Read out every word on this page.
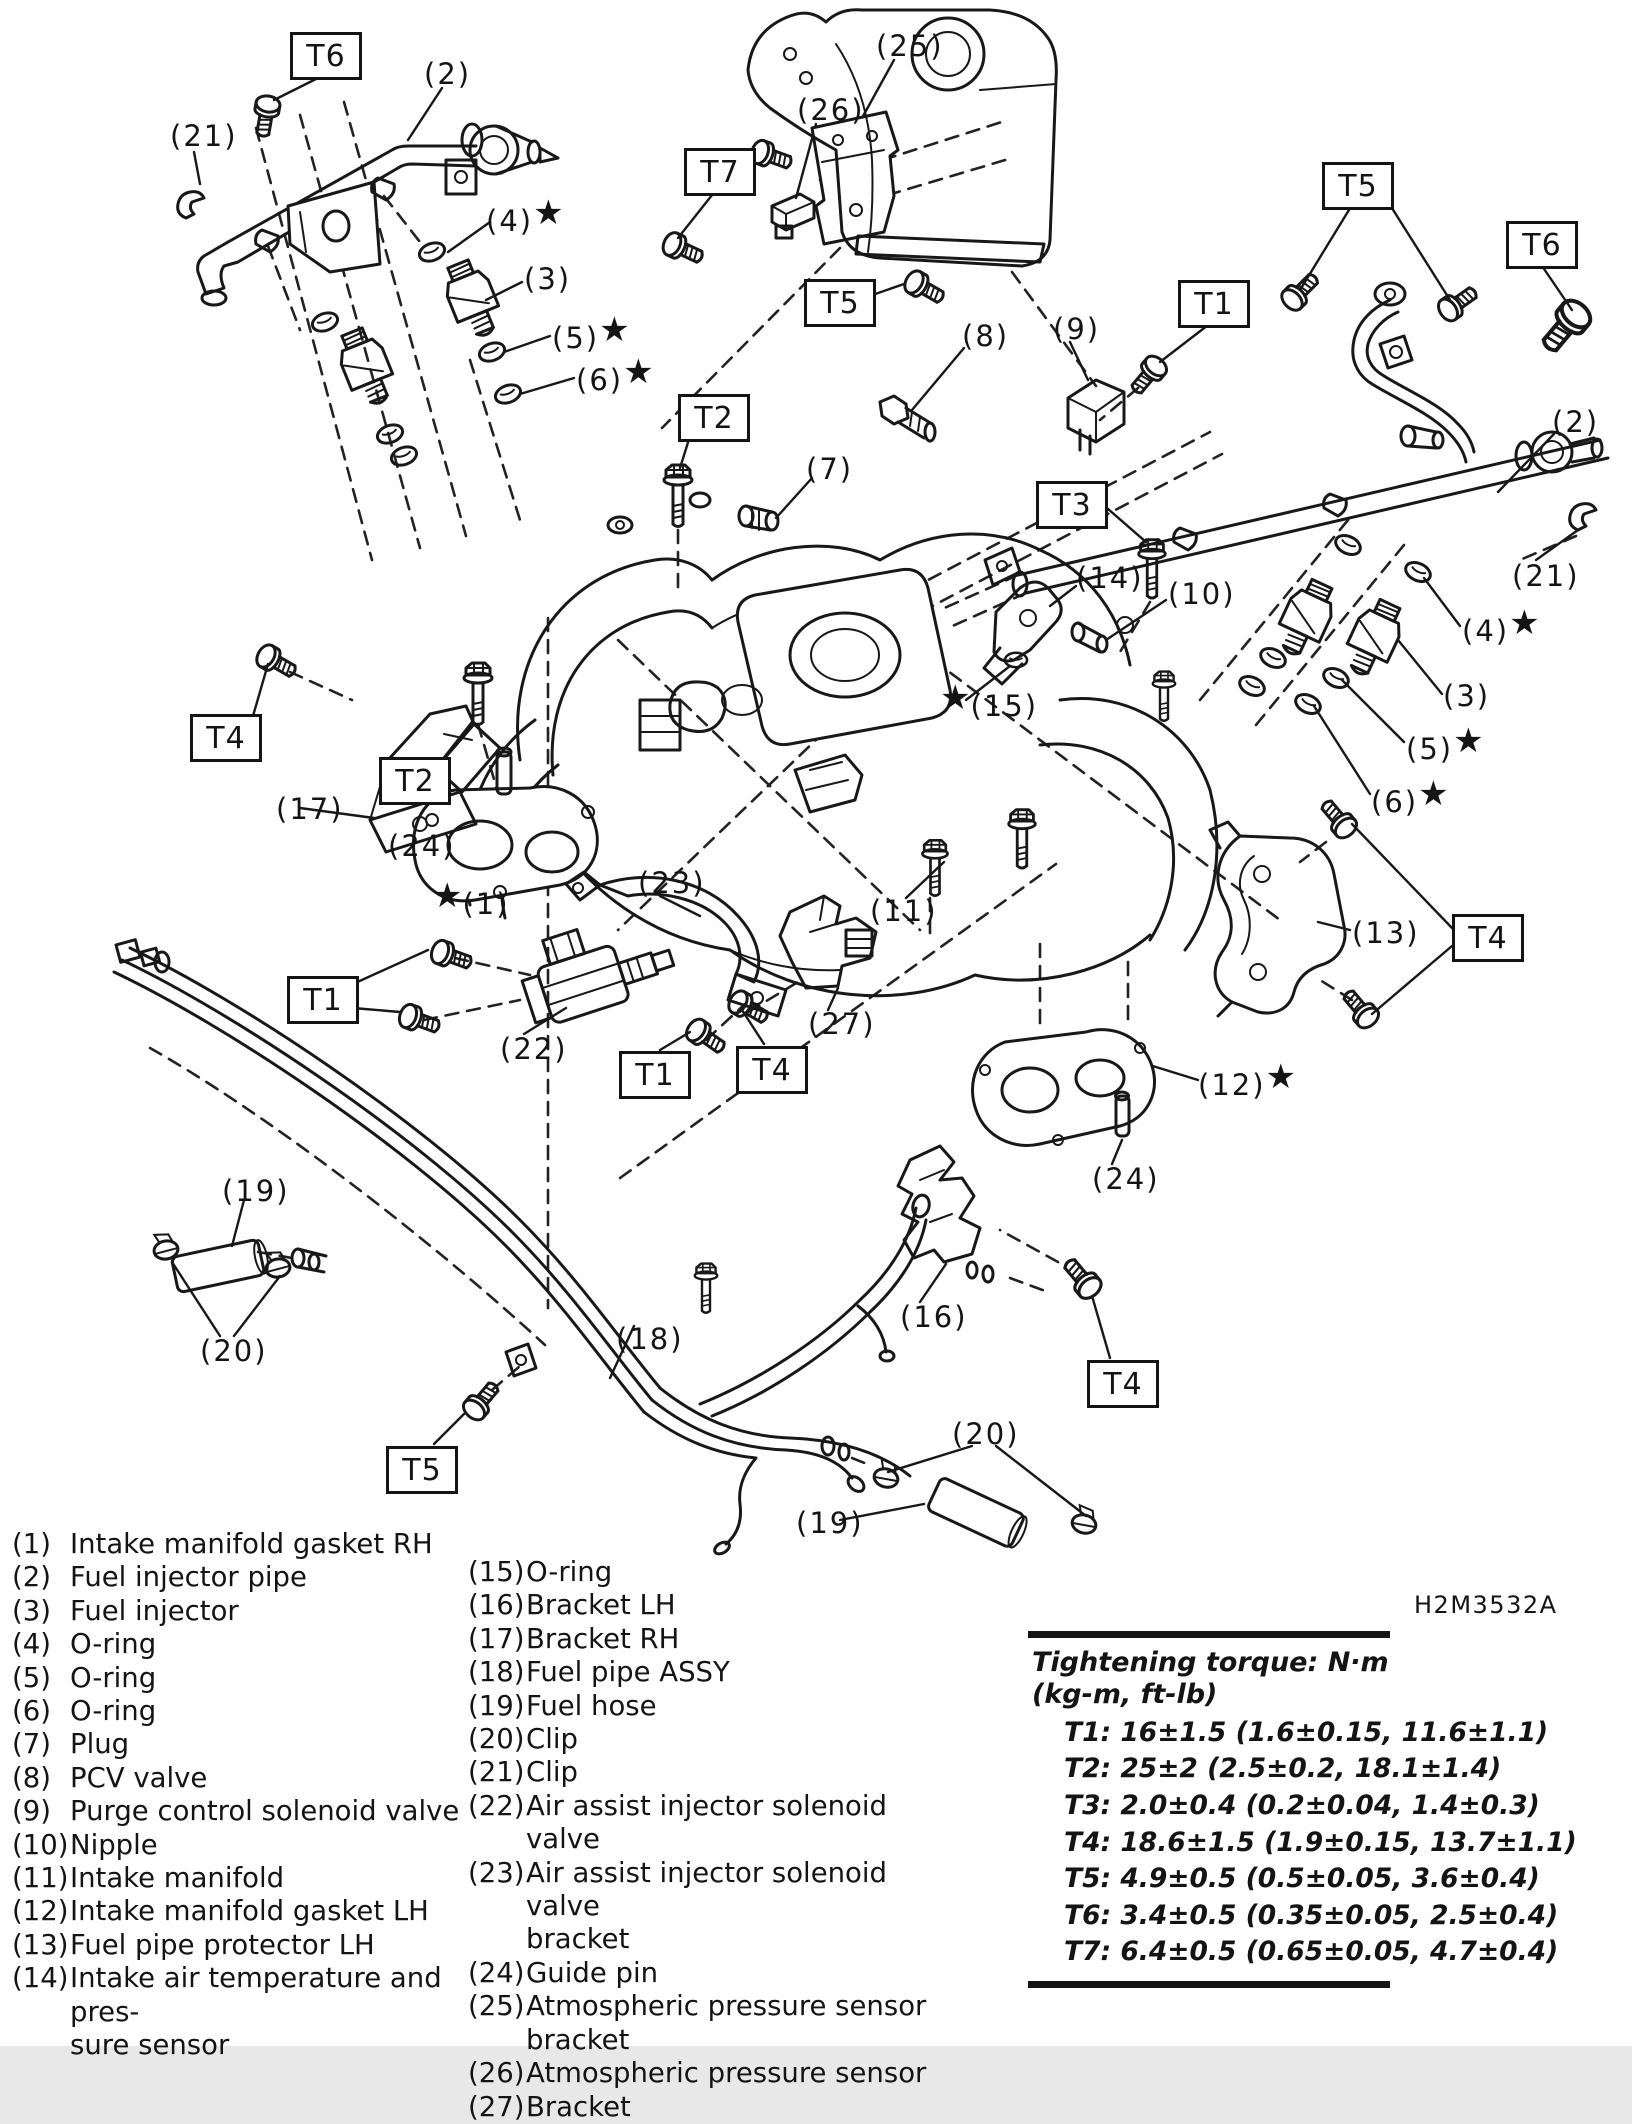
T6
T7
T5
T5
T6
T1
T2
T3
T4
T2
T1
T1	T4
T4
T4
T5
(21)
(2)
(4)★
(3)
(5)★
(6)★
(25)
(26)
(8) (9)
(7)
(14) (10)
★(15)
(2)
(21)
(4)★
(3)
(5)★
(6)★
(17)
(24)
★(1)
(23)
(11)
(22)
(27)
(13)
(12)★
(24)
(16)
(19)
(20)	(18)
(20)
(19)
(1) Intake manifold gasket RH
(2) Fuel injector pipe
(3) Fuel injector
(4) O-ring
(5) O-ring
(6) O-ring
(7) Plug
(8) PCV valve
(9) Purge control solenoid valve
(10) Nipple
(11) Intake manifold
(12) Intake manifold gasket LH
(13) Fuel pipe protector LH
(14) Intake air temperature and pres-
sure sensor
(15) O-ring
(16) Bracket LH
(17) Bracket RH
(18) Fuel pipe ASSY
(19) Fuel hose
(20) Clip
(21) Clip
(22) Air assist injector solenoid valve
(23) Air assist injector solenoid valve
bracket
(24) Guide pin
(25) Atmospheric pressure sensor
bracket
(26) Atmospheric pressure sensor
(27) Bracket
H2M3532A
Tightening torque: N·m (kg-m, ft-lb)
T1: 16±1.5 (1.6±0.15, 11.6±1.1)
T2: 25±2 (2.5±0.2, 18.1±1.4)
T3: 2.0±0.4 (0.2±0.04, 1.4±0.3)
T4: 18.6±1.5 (1.9±0.15, 13.7±1.1)
T5: 4.9±0.5 (0.5±0.05, 3.6±0.4)
T6: 3.4±0.5 (0.35±0.05, 2.5±0.4)
T7: 6.4±0.5 (0.65±0.05, 4.7±0.4)
